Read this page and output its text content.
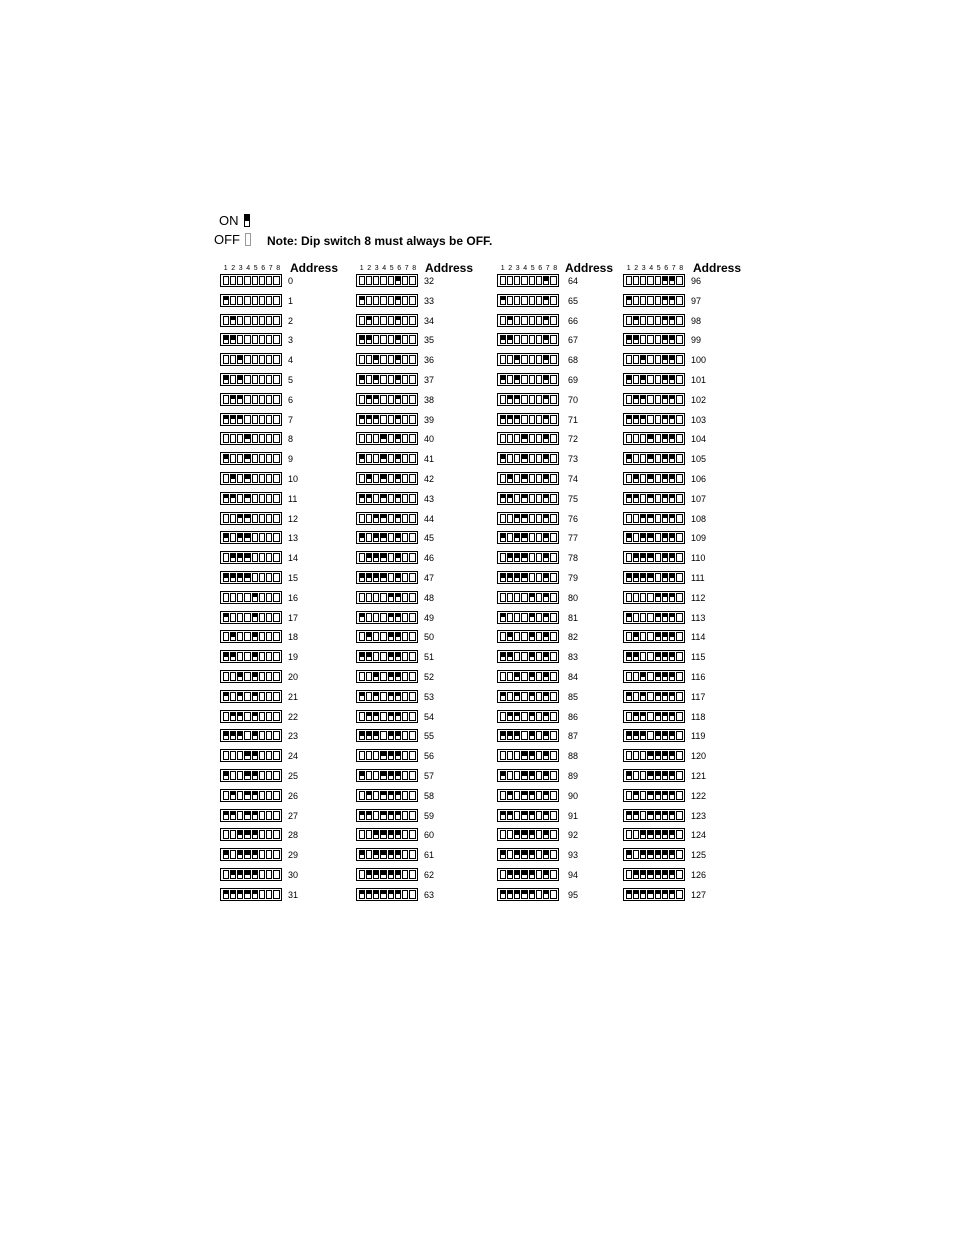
ON
OFF Note: Dip switch 8 must always be OFF.
1 2 3 4 5 6 7 8 Address
0
1
2
3
4
5
6
7
8
9
10
11
12
13
14
15
16
17
18
19
20
21
22
23
24
25
26
27
28
29
30
31
1 2 3 4 5 6 7 8 Address
32
33
34
35
36
37
38
39
40
41
42
43
44
45
46
47
48
49
50
51
52
53
54
55
56
57
58
59
60
61
62
63
1 2 3 4 5 6 7 8 Address
64
65
66
67
68
69
70
71
72
73
74
75
76
77
78
79
80
81
82
83
84
85
86
87
88
89
90
91
92
93
94
95
1 2 3 4 5 6 7 8 Address
96
97
98
99
100
101
102
103
104
105
106
107
108
109
110
111
112
113
114
115
116
117
118
119
120
121
122
123
124
125
126
127
